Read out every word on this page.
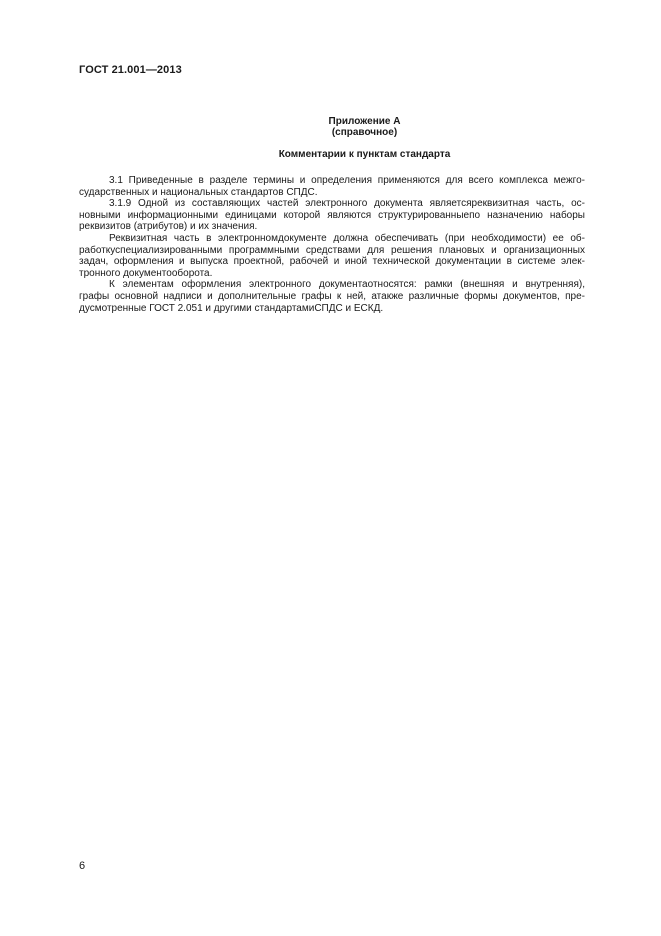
ГОСТ 21.001—2013
Приложение А
(справочное)
Комментарии к пунктам стандарта

3.1 Приведенные в разделе термины и определения применяются для всего комплекса межго-
сударственных и национальных стандартов СПДС.

3.1.9 Одной из составляющих частей электронного документа являетсяреквизитная часть, ос-
новными информационными единицами которой являются структурированныепо назначению наборы
реквизитов (атрибутов) и их значения.

Реквизитная часть в электронномдокументе должна обеспечивать (при необходимости) ее об-
работкуспециализированными программными средствами для решения плановых и организационных
задач, оформления и выпуска проектной, рабочей и иной технической документации в системе элек-
тронного документооборота.

К элементам оформления электронного документаотносятся: рамки (внешняя и внутренняя),
графы основной надписи и дополнительные графы к ней, атакже различные формы документов, пре-
дусмотренные ГОСТ 2.051 и другими стандартамиСПДС и ЕСКД.

6
